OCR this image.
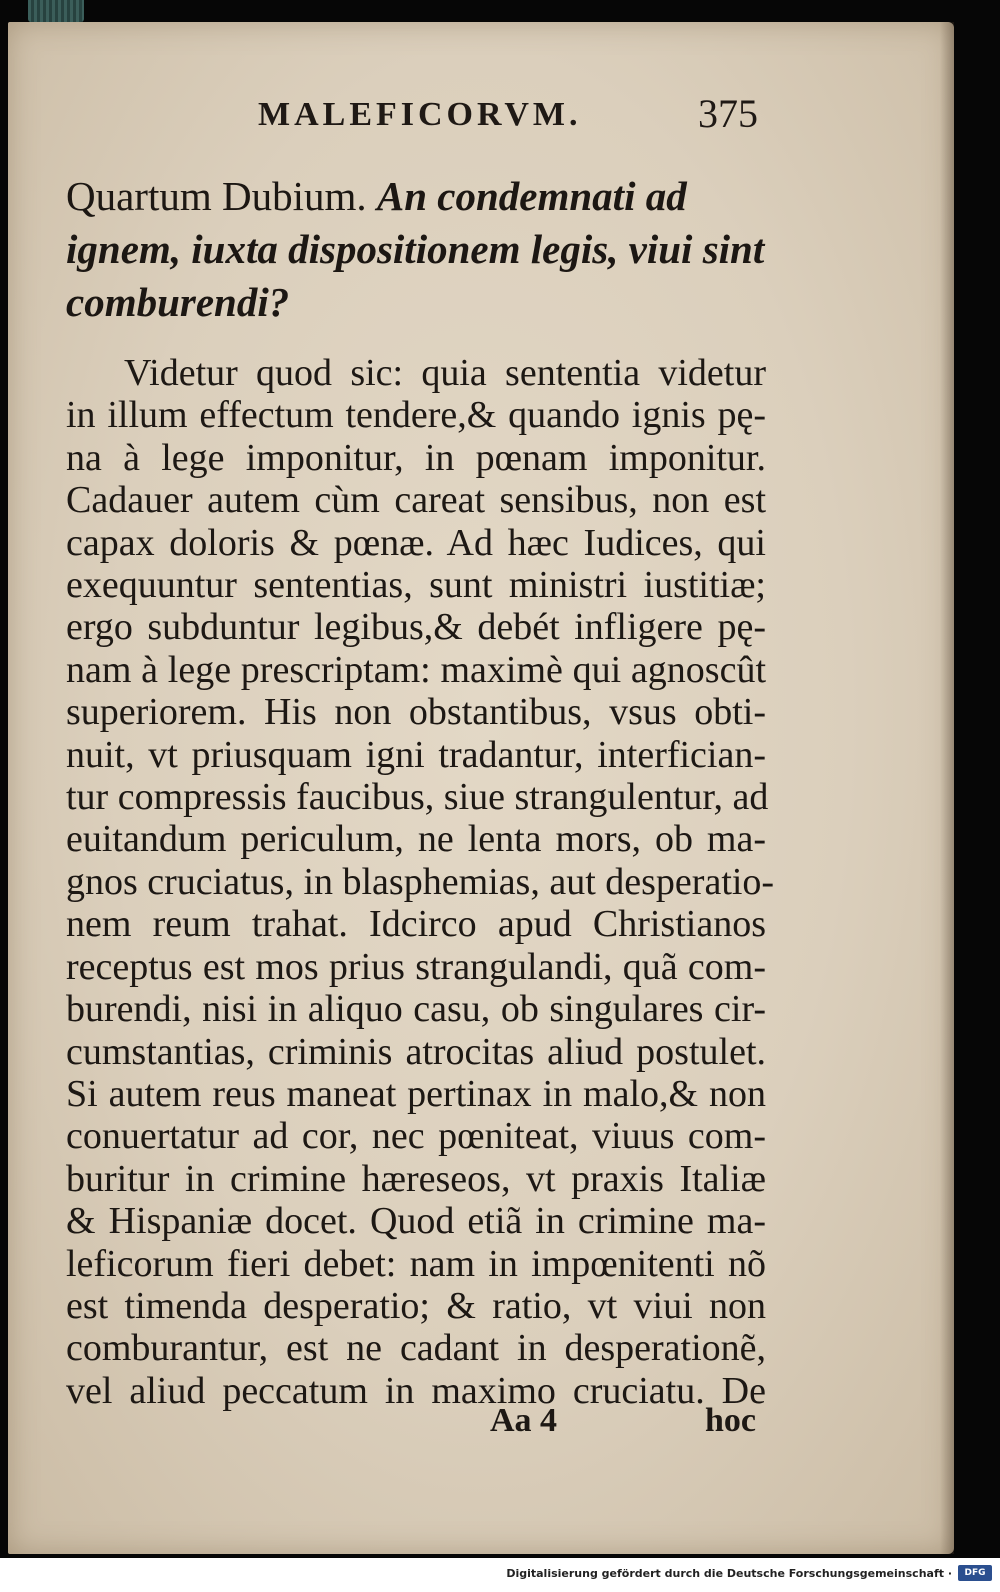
MALEFICORVM.	375
Quartum Dubium. An condemnati ad ignem, iuxta dispositionem legis, viui sint comburendi?

Videtur quod sic: quia sententia videtur
in illum effectum tendere,& quando ignis pę-
na à lege imponitur, in pœnam imponitur.
Cadauer autem cùm careat sensibus, non est
capax doloris & pœnæ. Ad hæc Iudices, qui
exequuntur sententias, sunt ministri iustitiæ;
ergo subduntur legibus,& debét infligere pę-
nam à lege prescriptam: maximè qui agnoscût
superiorem. His non obstantibus, vsus obti-
nuit, vt priusquam igni tradantur, interfician-
tur compressis faucibus, siue strangulentur, ad
euitandum periculum, ne lenta mors, ob ma-
gnos cruciatus, in blasphemias, aut desperatio-
nem reum trahat. Idcirco apud Christianos
receptus est mos prius strangulandi, quã com-
burendi, nisi in aliquo casu, ob singulares cir-
cumstantias, criminis atrocitas aliud postulet.
Si autem reus maneat pertinax in malo,& non
conuertatur ad cor, nec pœniteat, viuus com-
buritur in crimine hæreseos, vt praxis Italiæ
& Hispaniæ docet. Quod etiã in crimine ma-
leficorum fieri debet: nam in impœnitenti nõ
est timenda desperatio; & ratio, vt viui non
comburantur, est ne cadant in desperationẽ,
vel aliud peccatum in maximo cruciatu. De

Aa 4	hoc
Digitalisierung gefördert durch die Deutsche Forschungsgemeinschaft ·	DFG
